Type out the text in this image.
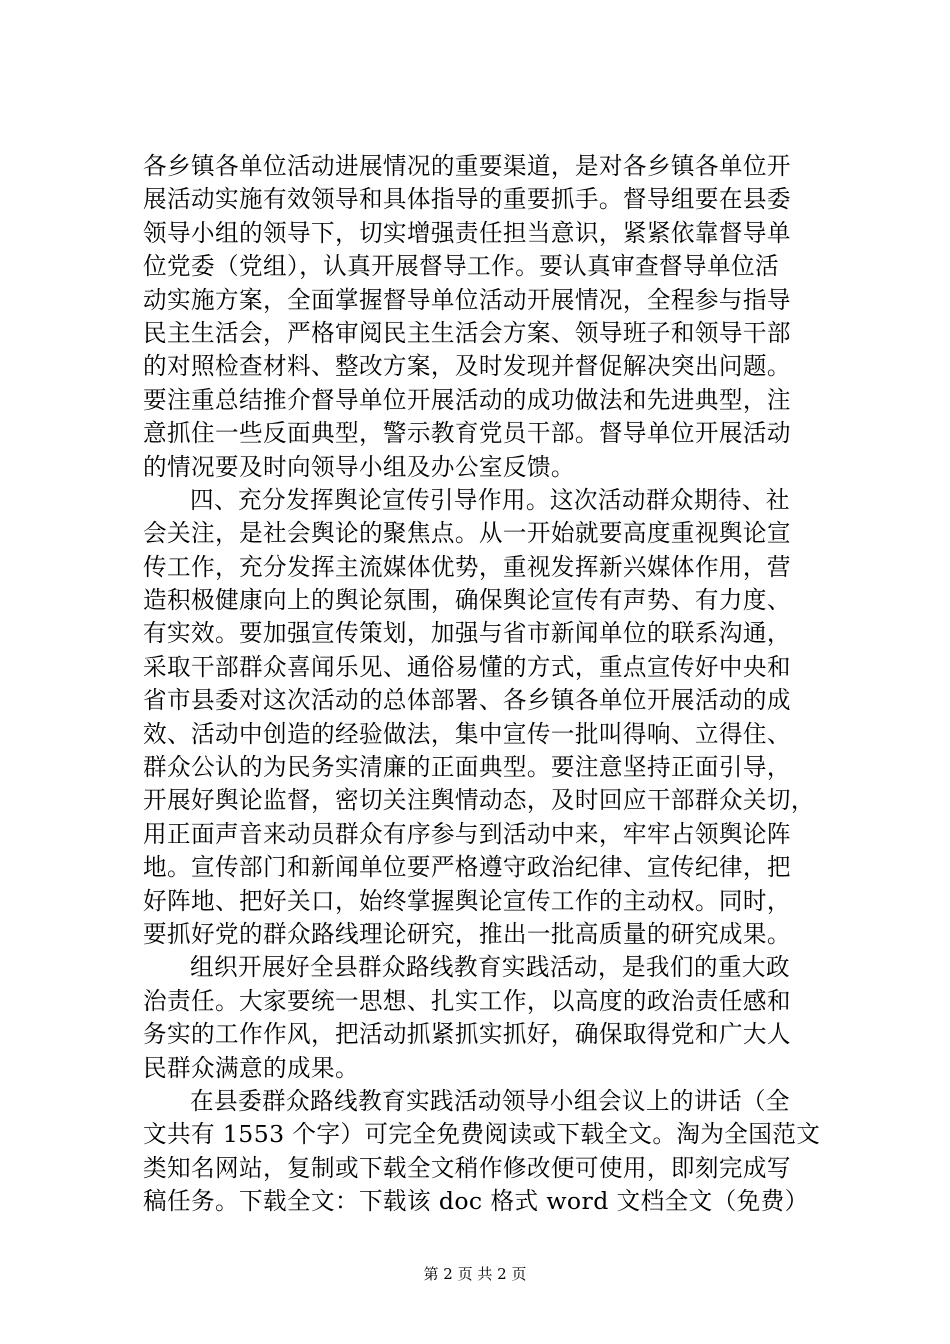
各乡镇各单位活动进展情况的重要渠道，是对各乡镇各单位开
展活动实施有效领导和具体指导的重要抓手。督导组要在县委
领导小组的领导下，切实增强责任担当意识，紧紧依靠督导单
位党委（党组），认真开展督导工作。要认真审查督导单位活
动实施方案，全面掌握督导单位活动开展情况，全程参与指导
民主生活会，严格审阅民主生活会方案、领导班子和领导干部
的对照检查材料、整改方案，及时发现并督促解决突出问题。
要注重总结推介督导单位开展活动的成功做法和先进典型，注
意抓住一些反面典型，警示教育党员干部。督导单位开展活动
的情况要及时向领导小组及办公室反馈。
四、充分发挥舆论宣传引导作用。这次活动群众期待、社
会关注，是社会舆论的聚焦点。从一开始就要高度重视舆论宣
传工作，充分发挥主流媒体优势，重视发挥新兴媒体作用，营
造积极健康向上的舆论氛围，确保舆论宣传有声势、有力度、
有实效。要加强宣传策划，加强与省市新闻单位的联系沟通，
采取干部群众喜闻乐见、通俗易懂的方式，重点宣传好中央和
省市县委对这次活动的总体部署、各乡镇各单位开展活动的成
效、活动中创造的经验做法，集中宣传一批叫得响、立得住、
群众公认的为民务实清廉的正面典型。要注意坚持正面引导，
开展好舆论监督，密切关注舆情动态，及时回应干部群众关切，
用正面声音来动员群众有序参与到活动中来，牢牢占领舆论阵
地。宣传部门和新闻单位要严格遵守政治纪律、宣传纪律，把
好阵地、把好关口，始终掌握舆论宣传工作的主动权。同时，
要抓好党的群众路线理论研究，推出一批高质量的研究成果。
组织开展好全县群众路线教育实践活动，是我们的重大政
治责任。大家要统一思想、扎实工作，以高度的政治责任感和
务实的工作作风，把活动抓紧抓实抓好，确保取得党和广大人
民群众满意的成果。
在县委群众路线教育实践活动领导小组会议上的讲话（全
文共有 1553 个字）可完全免费阅读或下载全文。淘为全国范文
类知名网站，复制或下载全文稍作修改便可使用，即刻完成写
稿任务。下载全文：下载该 doc 格式 word 文档全文（免费）
第 2 页 共 2 页
